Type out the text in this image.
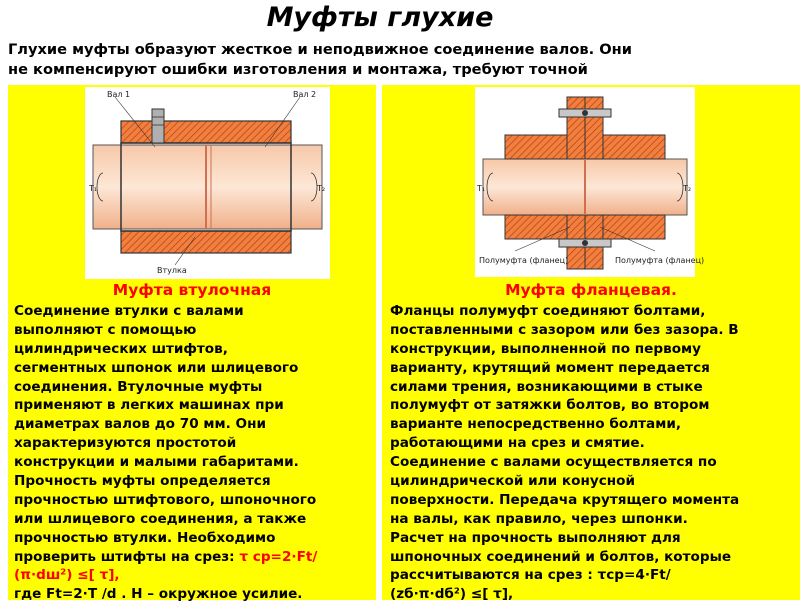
Муфты глухие
Глухие муфты образуют жесткое и неподвижное соединение валов. Они
не компенсируют ошибки изготовления и монтажа, требуют точной
Вал 1	Вал 2
T₁	T₂
Втулка
Муфта втулочная
Соединение втулки с валами
выполняют с помощью
цилиндрических штифтов,
сегментных шпонок или шлицевого
соединения. Втулочные муфты
применяют в легких машинах при
диаметрах валов до 70 мм. Они
характеризуются простотой
конструкции и малыми габаритами.
Прочность муфты определяется
прочностью штифтового, шпоночного
или шлицевого соединения, а также
прочностью втулки. Необходимо
проверить штифты на срез: τ ср=2·Ft/
(π·dш²) ≤[ τ],
где Ft=2·T /d . H – окружное усилие.
T₁	T₂
Полумуфта (фланец)	Полумуфта (фланец)
Муфта фланцевая.
Фланцы полумуфт соединяют болтами,
поставленными с зазором или без зазора. В
конструкции, выполненной по первому
варианту, крутящий момент передается
силами трения, возникающими в стыке
полумуфт от затяжки болтов, во втором
варианте непосредственно болтами,
работающими на срез и смятие.
Соединение с валами осуществляется по
цилиндрической или конусной
поверхности. Передача крутящего момента
на валы, как правило, через шпонки.
Расчет на прочность выполняют для
шпоночных соединений и болтов, которые
рассчитываются на срез : τср=4·Ft/
(zб·π·dб²) ≤[ τ],
